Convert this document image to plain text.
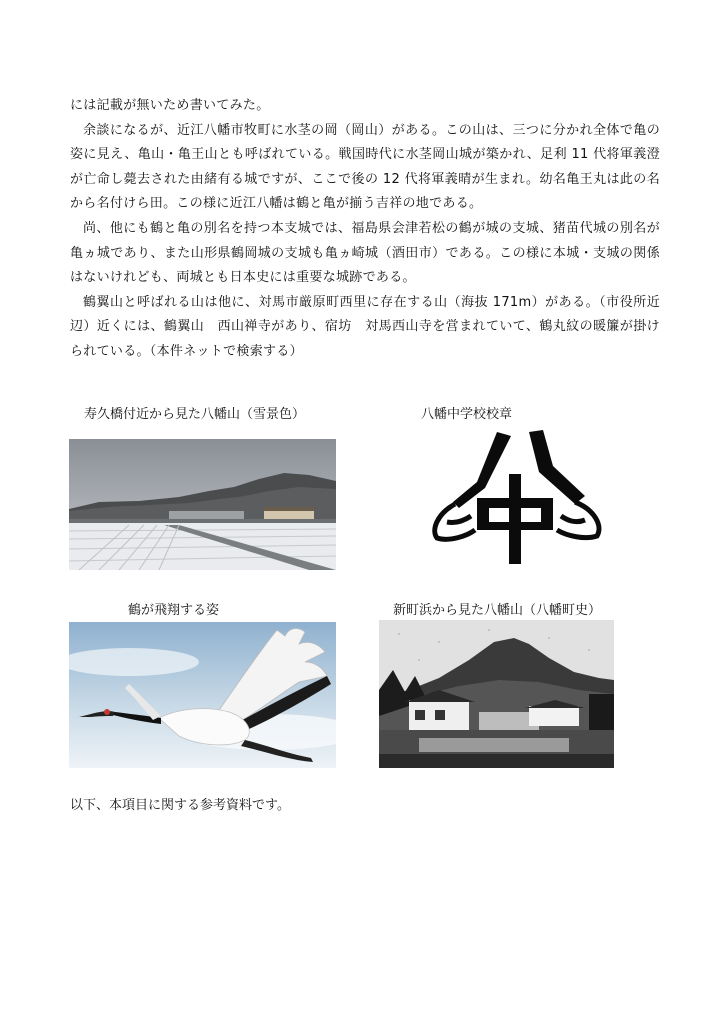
には記載が無いため書いてみた。

余談になるが、近江八幡市牧町に水茎の岡（岡山）がある。この山は、三つに分かれ全体で亀の姿に見え、亀山・亀王山とも呼ばれている。戦国時代に水茎岡山城が築かれ、足利 11 代将軍義澄が亡命し薨去された由緒有る城ですが、ここで後の 12 代将軍義晴が生まれ。幼名亀王丸は此の名から名付けら田。この様に近江八幡は鶴と亀が揃う吉祥の地である。

尚、他にも鶴と亀の別名を持つ本支城では、福島県会津若松の鶴が城の支城、猪苗代城の別名が亀ヵ城であり、また山形県鶴岡城の支城も亀ヵ崎城（酒田市）である。この様に本城・支城の関係はないけれども、両城とも日本史には重要な城跡である。

鶴翼山と呼ばれる山は他に、対馬市厳原町西里に存在する山（海抜 171m）がある。（市役所近辺）近くには、鶴翼山　西山禅寺があり、宿坊　対馬西山寺を営まれていて、鶴丸紋の暖簾が掛けられている。（本件ネットで検索する）

寿久橋付近から見た八幡山（雪景色）	八幡中学校校章
鶴が飛翔する姿	新町浜から見た八幡山（八幡町史）
以下、本項目に関する参考資料です。
